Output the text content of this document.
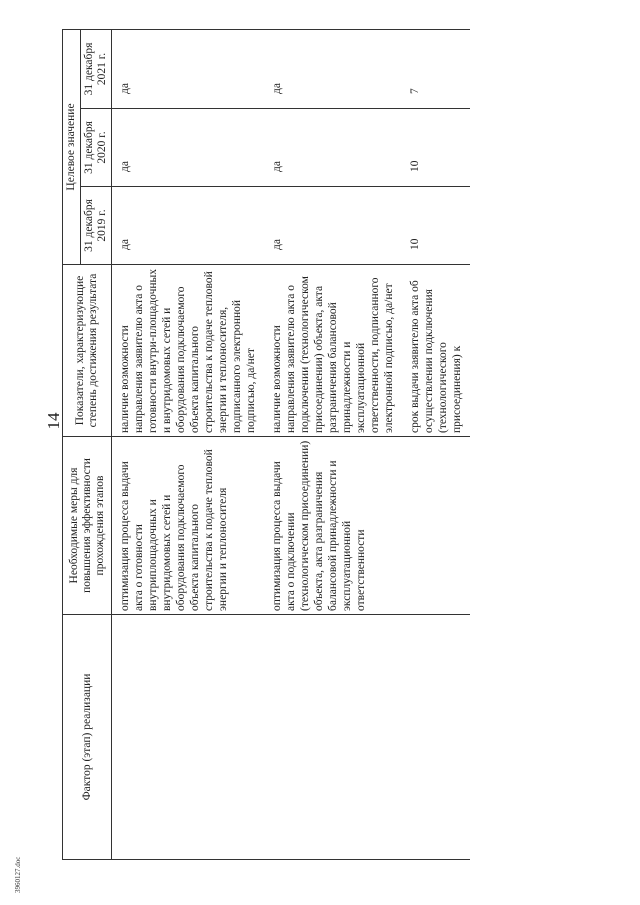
14
3960127.doc
Фактор (этап) реализации	Необходимые меры для повышения эффективности прохождения этапов	Показатели, характеризующие степень достижения результата	Целевое значение		
			31 декабря 2019 г.	31 декабря 2020 г.	31 декабря 2021 г.
	оптимизация процесса выдачи акта о готовности внутриплощадочных и внутридомовых сетей и оборудования подключаемого объекта капитального строительства к подаче тепловой энергии и теплоносителя	наличие возможности направления заявителю акта о готовности внутри-площадочных и внутридомовых сетей и оборудования подключаемого объекта капитального строительства к подаче тепловой энергии и теплоносителя, подписанного электронной подписью, да/нет	да	да	да
	оптимизация процесса выдачи акта о подключении (технологическом присоединении) объекта, акта разграничения балансовой принадлежности и эксплуатационной ответственности	наличие возможности направления заявителю акта о подключении (технологическом присоединении) объекта, акта разграничения балансовой принадлежности и эксплуатационной ответственности, подписанного электронной подписью, да/нет	да	да	да
		срок выдачи заявителю акта об осуществлении подключения (технологического присоединения) к	10	10	7
